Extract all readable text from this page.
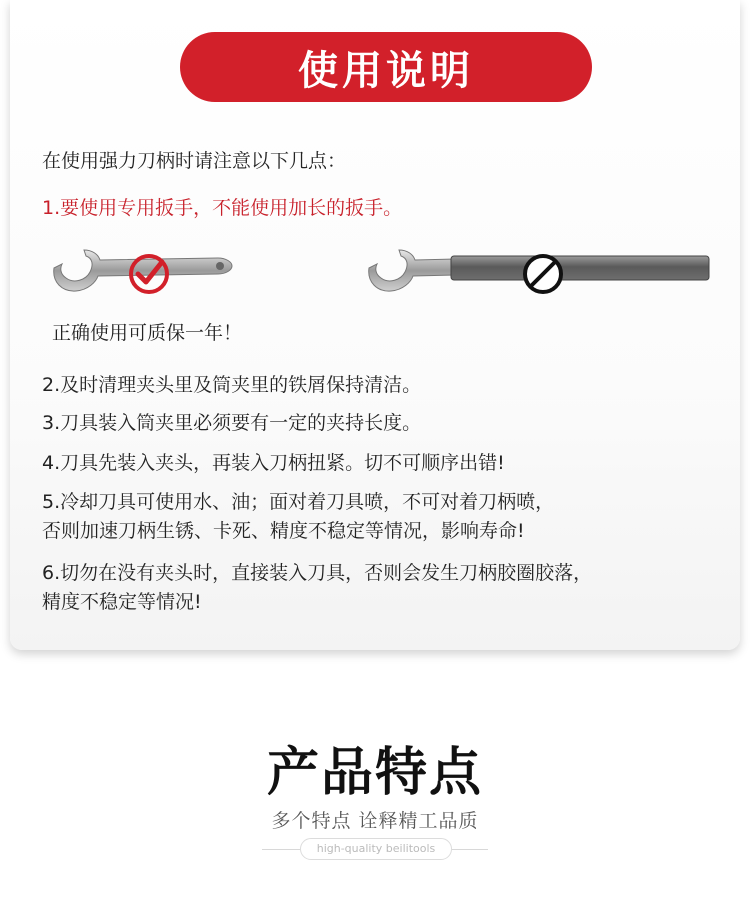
使用说明
在使用强力刀柄时请注意以下几点：
1.要使用专用扳手，不能使用加长的扳手。
正确使用可质保一年！
2.及时清理夹头里及筒夹里的铁屑保持清洁。
3.刀具装入筒夹里必须要有一定的夹持长度。
4.刀具先装入夹头，再装入刀柄扭紧。切不可顺序出错!
5.冷却刀具可使用水、油；面对着刀具喷，不可对着刀柄喷，
否则加速刀柄生锈、卡死、精度不稳定等情况，影响寿命!
6.切勿在没有夹头时，直接装入刀具，否则会发生刀柄胶圈胶落，
精度不稳定等情况!
产品特点
多个特点 诠释精工品质
high-quality beilitools
